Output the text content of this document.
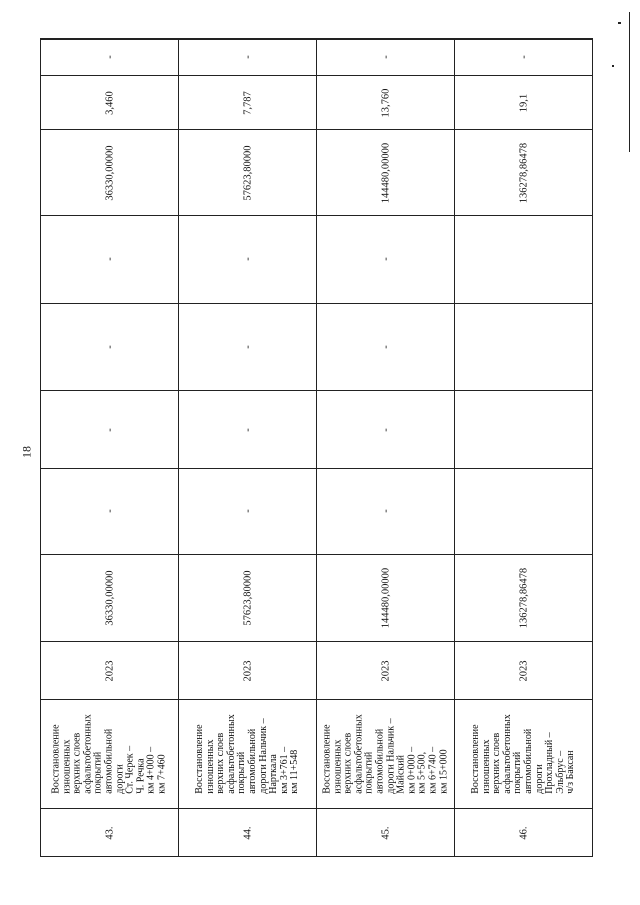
18
43.
Восстановление изношенных верхних слоев асфальтобетонных покрытий автомобильной дороги Ст. Черек – Ч. Речка км 4+000 – км 7+460
2023
36330,00000
-
-
-
-
36330,00000
3,460
-
44.
Восстановление изношенных верхних слоев асфальтобетонных покрытий автомобильной дороги Нальчик – Нарткала км 3+761 – км 11+548
2023
57623,80000
-
-
-
-
57623,80000
7,787
-
45.
Восстановление изношенных верхних слоев асфальтобетонных покрытий автомобильной дороги Нальчик – Майский км 0+000 – км 5+500, км 6+740 – км 15+000
2023
144480,00000
-
-
-
-
144480,00000
13,760
-
46.
Восстановление изношенных верхних слоев асфальтобетонных покрытий автомобильной дороги Прохладный – Эльбрус – ч/з Баксан
2023
136278,86478
136278,86478
19,1
-
